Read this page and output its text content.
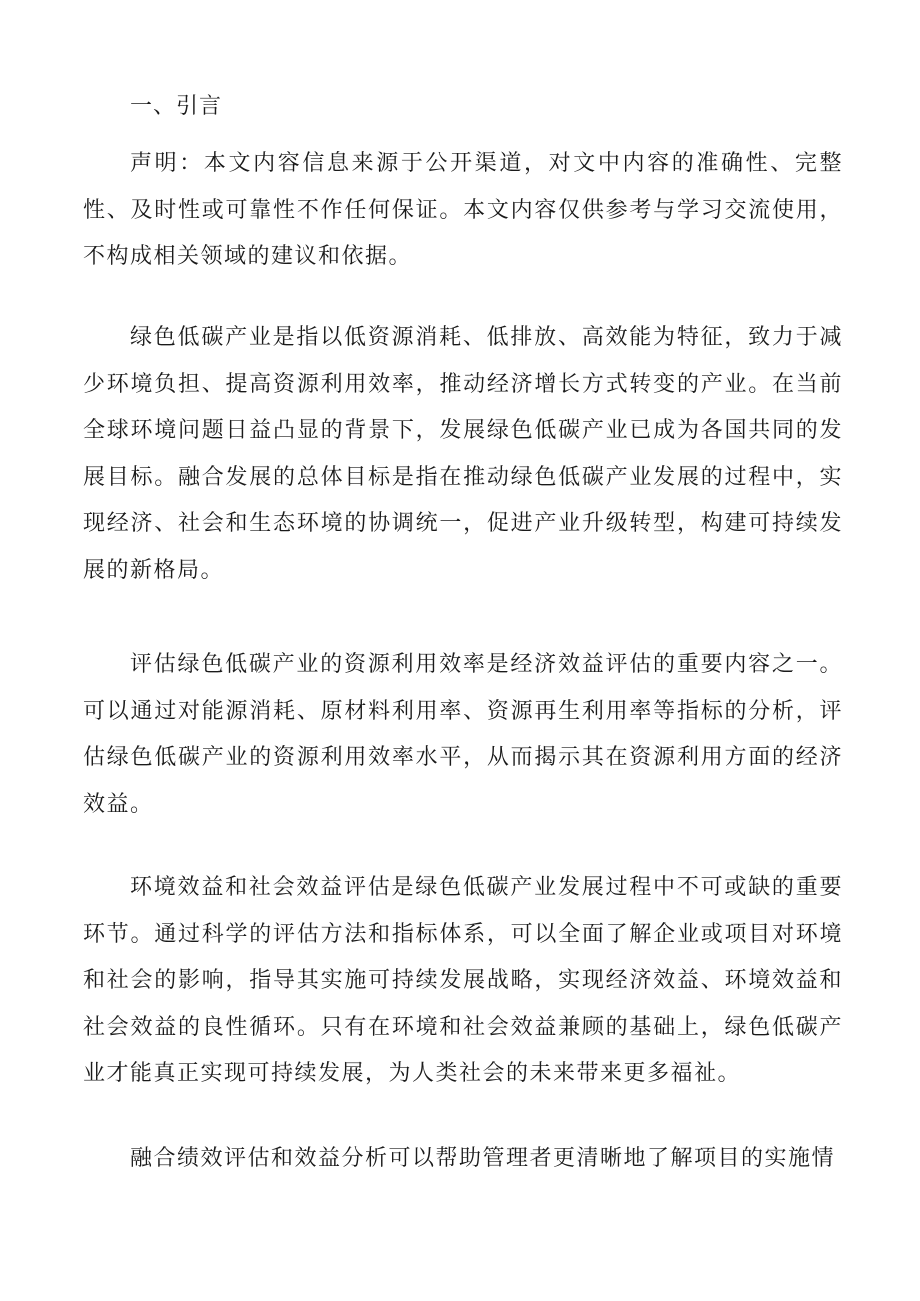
一、引言

声明：本文内容信息来源于公开渠道，对文中内容的准确性、完整性、及时性或可靠性不作任何保证。本文内容仅供参考与学习交流使用，不构成相关领域的建议和依据。

绿色低碳产业是指以低资源消耗、低排放、高效能为特征，致力于减少环境负担、提高资源利用效率，推动经济增长方式转变的产业。在当前全球环境问题日益凸显的背景下，发展绿色低碳产业已成为各国共同的发展目标。融合发展的总体目标是指在推动绿色低碳产业发展的过程中，实现经济、社会和生态环境的协调统一，促进产业升级转型，构建可持续发展的新格局。

评估绿色低碳产业的资源利用效率是经济效益评估的重要内容之一。可以通过对能源消耗、原材料利用率、资源再生利用率等指标的分析，评估绿色低碳产业的资源利用效率水平，从而揭示其在资源利用方面的经济效益。

环境效益和社会效益评估是绿色低碳产业发展过程中不可或缺的重要环节。通过科学的评估方法和指标体系，可以全面了解企业或项目对环境和社会的影响，指导其实施可持续发展战略，实现经济效益、环境效益和社会效益的良性循环。只有在环境和社会效益兼顾的基础上，绿色低碳产业才能真正实现可持续发展，为人类社会的未来带来更多福祉。

融合绩效评估和效益分析可以帮助管理者更清晰地了解项目的实施情
